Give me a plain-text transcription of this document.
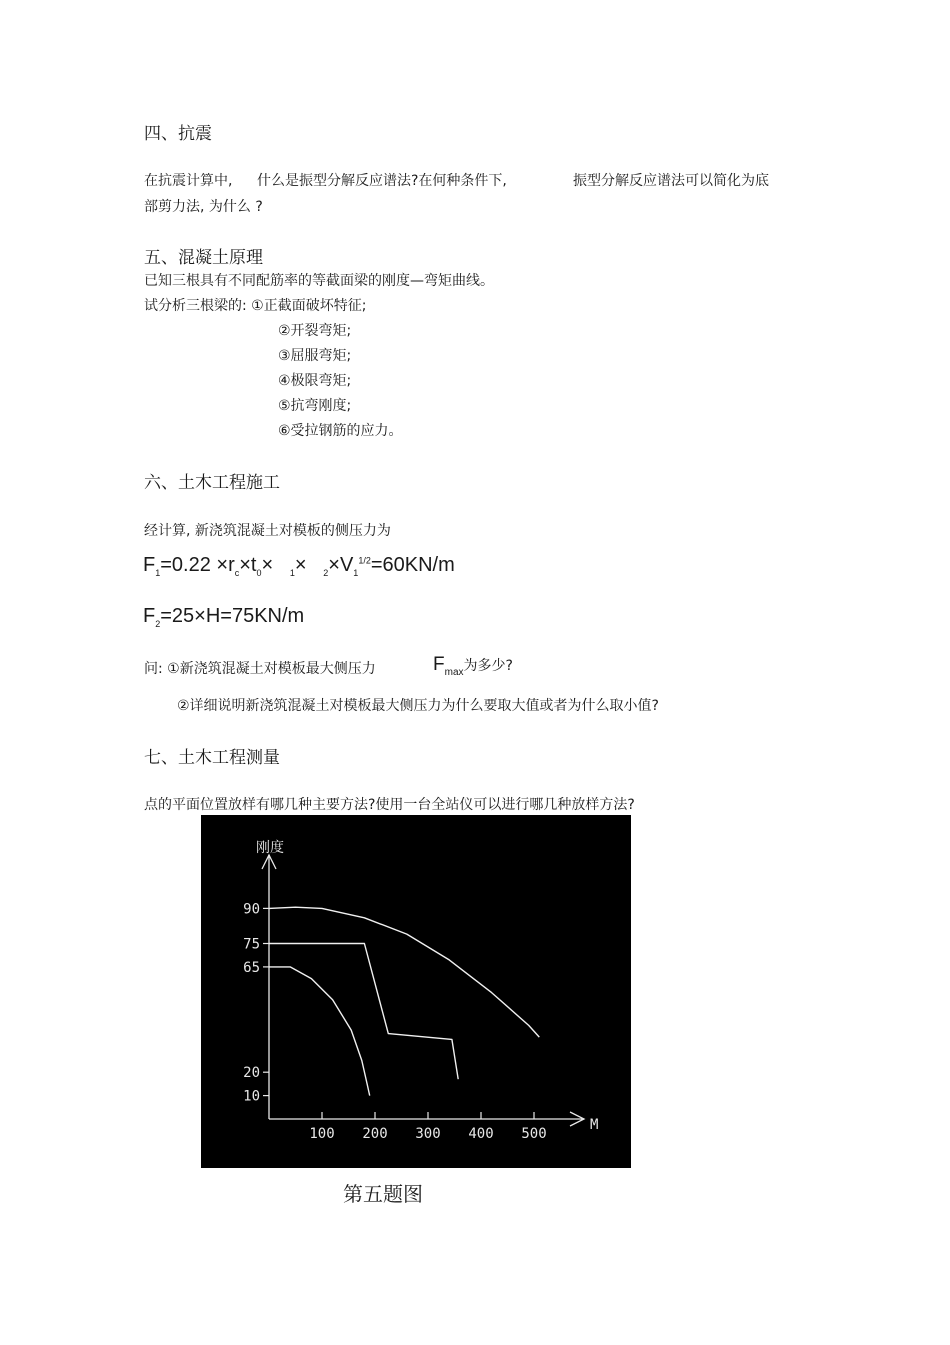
四、抗震
在抗震计算中, 什么是振型分解反应谱法?在何种条件下,	振型分解反应谱法可以简化为底
部剪力法, 为什么 ?
五、混凝土原理
已知三根具有不同配筋率的等截面梁的刚度—弯矩曲线。
试分析三根梁的: ①正截面破坏特征;
②开裂弯矩;
③屈服弯矩;
④极限弯矩;
⑤抗弯刚度;
⑥受拉钢筋的应力。
六、土木工程施工
经计算, 新浇筑混凝土对模板的侧压力为
$F_1=0.22 \times r_c\times t_0\times _1\times _2\times V_1^{1/2}=60KN/m$
$F_2=25\times H=75KN/m$
问: ①新浇筑混凝土对模板最大侧压力	$F_{max}$为多少?
②详细说明新浇筑混凝土对模板最大侧压力为什么要取大值或者为什么取小值?
七、土木工程测量
点的平面位置放样有哪几种主要方法?使用一台全站仪可以进行哪几种放样方法?
100 200 300 400 500
10
20
65
75
90
刚度
M
第五题图
